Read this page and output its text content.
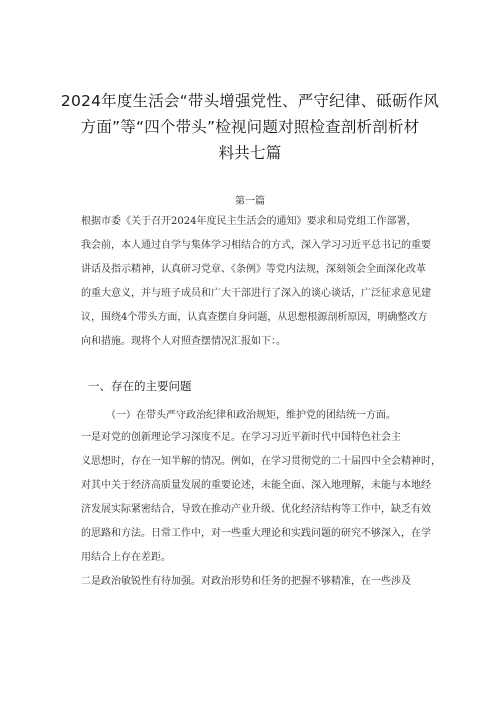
2024年度生活会“带头增强党性、严守纪律、砥砺作风
方面”等“四个带头”检视问题对照检查剖析剖析材
料共七篇
第一篇
根据市委《关于召开2024年度民主生活会的通知》要求和局党组工作部署，
我会前，本人通过自学与集体学习相结合的方式，深入学习习近平总书记的重要
讲话及指示精神，认真研习党章、《条例》等党内法规，深刻领会全面深化改革
的重大意义，并与班子成员和广大干部进行了深入的谈心谈话，广泛征求意见建
议，围绕4个带头方面，认真查摆自身问题，从思想根源剖析原因，明确整改方
向和措施。现将个人对照查摆情况汇报如下：。
一、存在的主要问题
（一）在带头严守政治纪律和政治规矩，维护党的团结统一方面。
一是对党的创新理论学习深度不足。在学习习近平新时代中国特色社会主
义思想时，存在一知半解的情况。例如，在学习贯彻党的二十届四中全会精神时，
对其中关于经济高质量发展的重要论述，未能全面、深入地理解，未能与本地经
济发展实际紧密结合，导致在推动产业升级、优化经济结构等工作中，缺乏有效
的思路和方法。日常工作中，对一些重大理论和实践问题的研究不够深入，在学
用结合上存在差距。
二是政治敏锐性有待加强。对政治形势和任务的把握不够精准，在一些涉及
